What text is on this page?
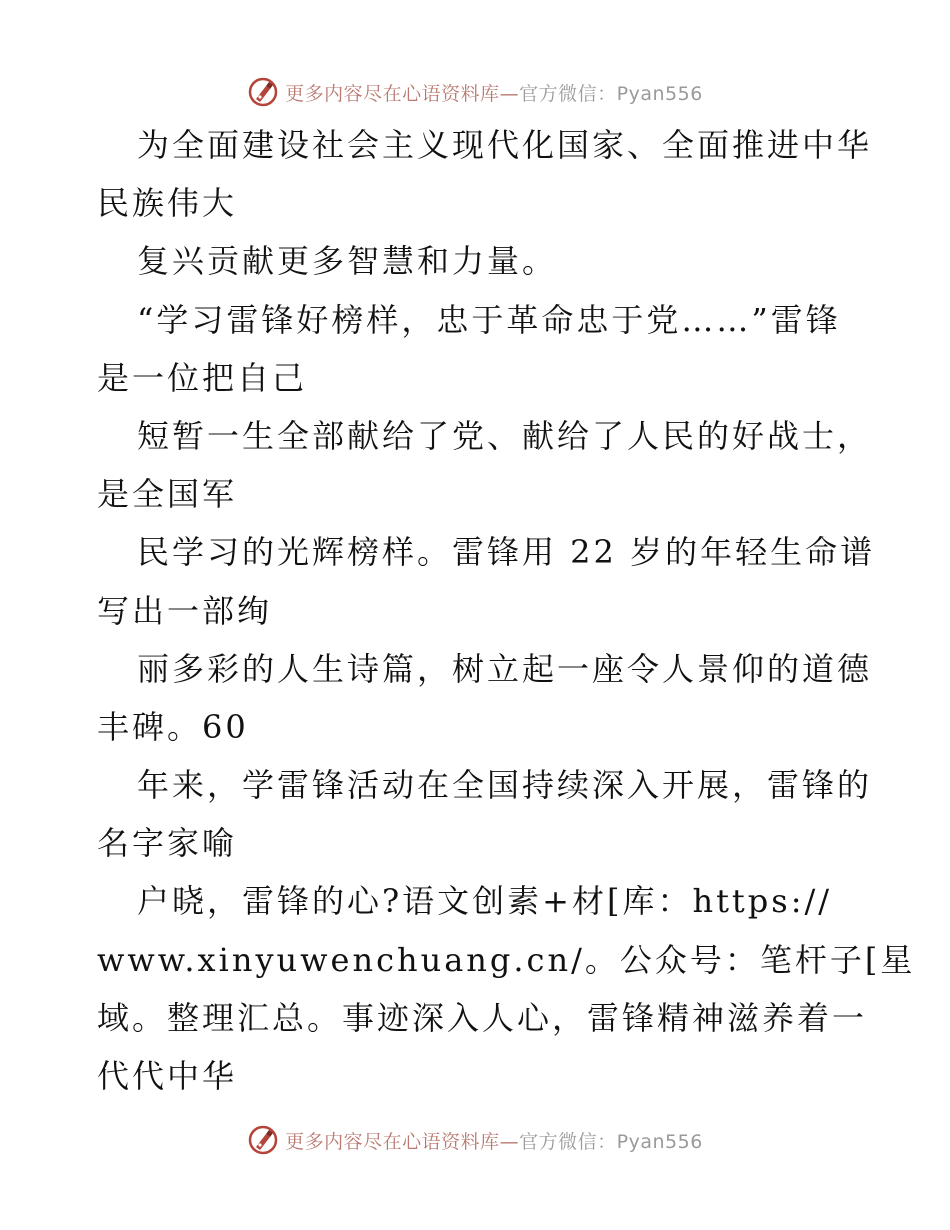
更多内容尽在心语资料库—官方微信：Pyan556
为全面建设社会主义现代化国家、全面推进中华
民族伟大
复兴贡献更多智慧和力量。
“学习雷锋好榜样，忠于革命忠于党……”雷锋
是一位把自己
短暂一生全部献给了党、献给了人民的好战士，
是全国军
民学习的光辉榜样。雷锋用 22 岁的年轻生命谱
写出一部绚
丽多彩的人生诗篇，树立起一座令人景仰的道德
丰碑。60
年来，学雷锋活动在全国持续深入开展，雷锋的
名字家喻
户晓，雷锋的心?语文创素+材[库：https://
www.xinyuwenchuang.cn/。公众号：笔杆子[星
域。整理汇总。事迹深入人心，雷锋精神滋养着一
代代中华
更多内容尽在心语资料库—官方微信：Pyan556
